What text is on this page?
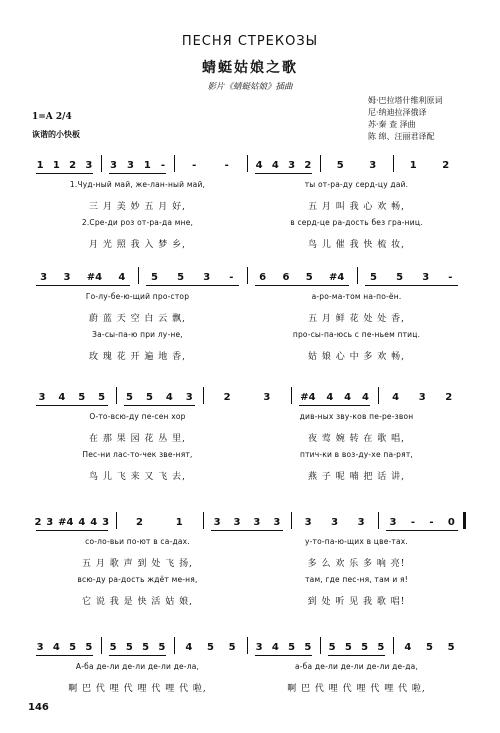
ПЕСНЯ СТРЕКОЗЫ
蜻蜓姑娘之歌
影片《蜻蜓姑娘》插曲
姆·巴拉塔什维利原词
尼·纳迪拉泽俄译
苏·秦 查 泽曲
陈 绵、汪丽君译配
1=A 2/4
诙谐的小快板
1 1 2 3 3 3 1 -	-	-	4 4 3 2	5	3	1	2
1.Чуд-ный май, же-лан-ный май,	ты от-ра-ду серд-цу дай.
三 月 美 妙 五 月 好,	五 月 叫 我 心 欢 畅,
2.Сре-ди роз от-ра-да мне,	в серд-це ра-дость без гра-ниц.
月 光 照 我 入 梦 乡,	鸟 儿 催 我 快 梳 妆,
3 3 #4 4	5 5 3 -	6 6 5 #4	5 5 3 -
Го-лу-бе-ю-щий про-стор	а-ро-ма-том на-по-ён.
蔚 蓝 天 空 白 云 飘,	五 月 鲜 花 处 处 香,
За-сы-па-ю при лу-не,	про-сы-па-юсь с пе-ньем птиц.
玫 瑰 花 开 遍 地 香,	姑 娘 心 中 多 欢 畅,
3 4 5 5 5 5 4 3	2	3	#4 4 4 4 4 3 2
О-то-всю-ду пе-сен хор	див-ных зву-ков пе-ре-звон
在 那 果 园 花 丛 里,	夜 莺 婉 转 在 歌 唱,
Пес-ни лас-то-чек зве-нят,	птич-ки в воз-ду-хе па-рят,
鸟 儿 飞 来 又 飞 去,	燕 子 呢 喃 把 话 讲,
2 3 #4 4 4 3	2	1	3 3 3 3 3 3 3 3 - - 0
со-ло-вьи по-ют в са-дах.	у-то-па-ю-щих в цве-тах.
五 月 歌 声 到 处 飞 扬,	多 么 欢 乐 多 响 亮!
всю-ду ра-дость ждёт ме-ня,	там, где пес-ня, там и я!
它 说 我 是 快 活 姑 娘,	到 处 听 见 我 歌 唱!
3 4 5 5 5 5 5 5 4 5 5 3 4 5 5 5 5 5 5 4 5 5
А-ба де-ли де-ли де-ли де-ла,	а-ба де-ли де-ли де-ли де-да,
啊 巴 代 哩 代 哩 代 哩 代 啦,	啊 巴 代 哩 代 哩 代 哩 代 啦,
146
